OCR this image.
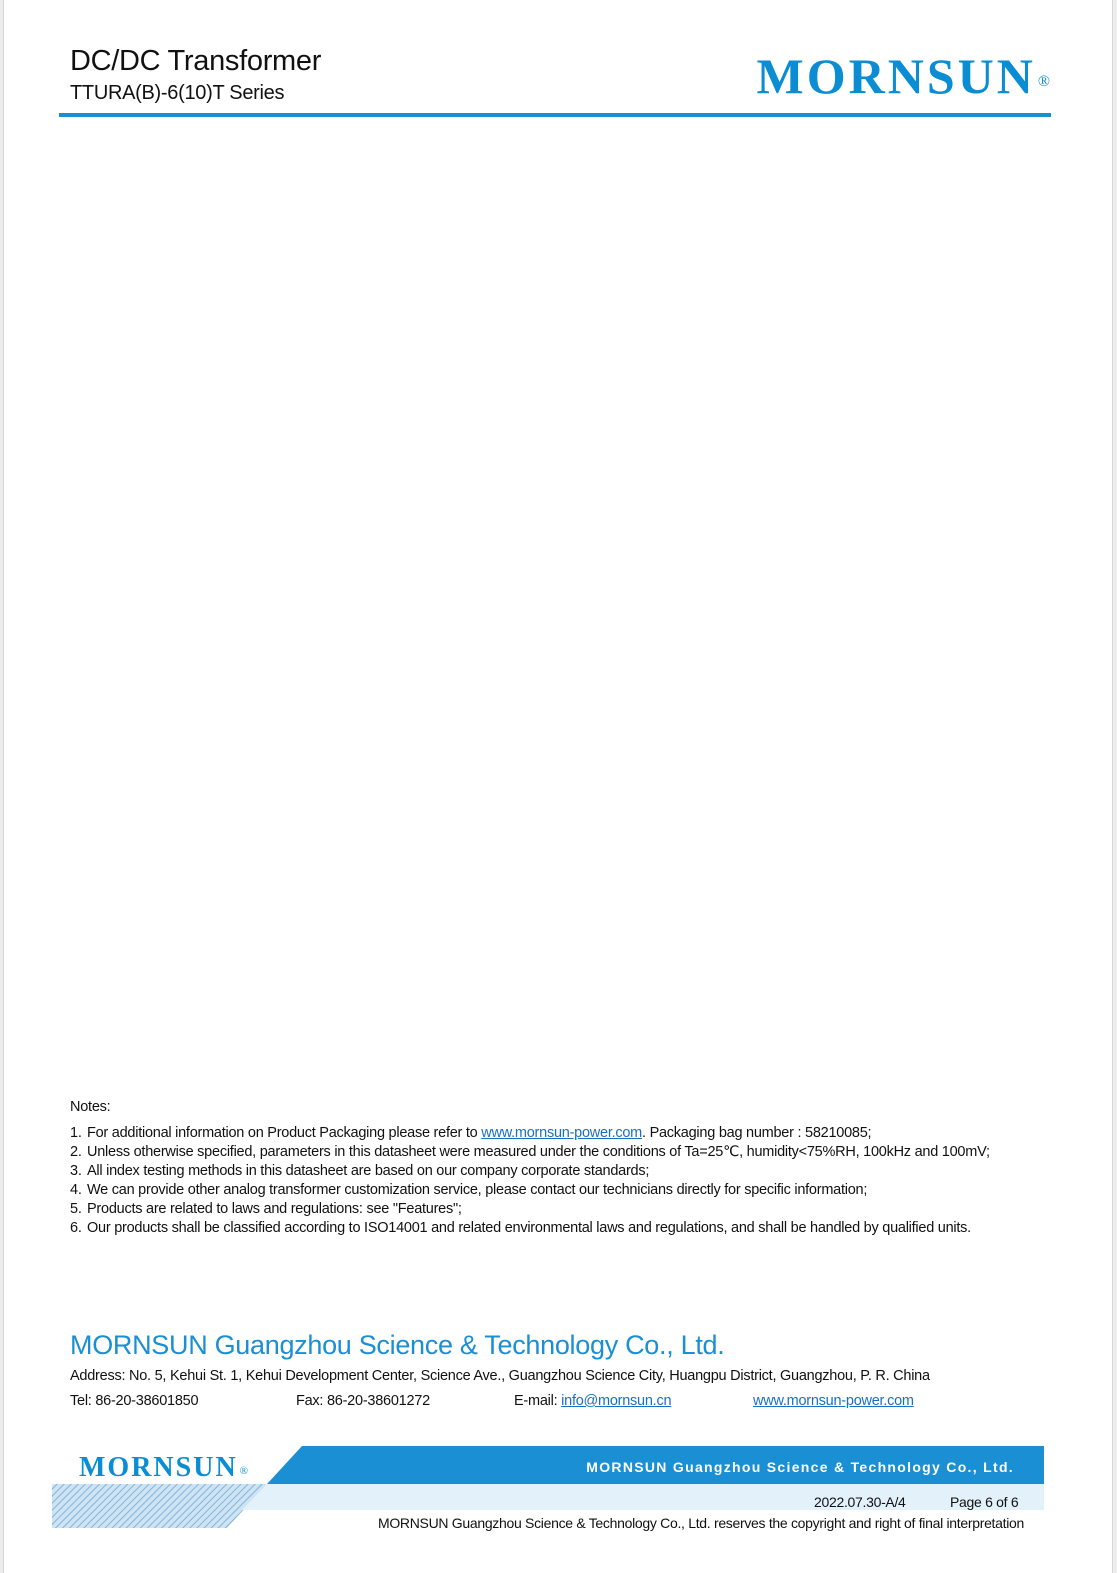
DC/DC Transformer
TTURA(B)-6(10)T Series	MORNSUN ®
Notes:
1. For additional information on Product Packaging please refer to www.mornsun-power.com. Packaging bag number : 58210085;
2. Unless otherwise specified, parameters in this datasheet were measured under the conditions of Ta=25℃, humidity<75%RH, 100kHz and 100mV;
3. All index testing methods in this datasheet are based on our company corporate standards;
4. We can provide other analog transformer customization service, please contact our technicians directly for specific information;
5. Products are related to laws and regulations: see "Features";
6. Our products shall be classified according to ISO14001 and related environmental laws and regulations, and shall be handled by qualified units.
MORNSUN Guangzhou Science & Technology Co., Ltd.
Address: No. 5, Kehui St. 1, Kehui Development Center, Science Ave., Guangzhou Science City, Huangpu District, Guangzhou, P. R. China
Tel: 86-20-38601850	Fax: 86-20-38601272	E-mail: info@mornsun.cn	www.mornsun-power.com
MORNSUN ®	MORNSUN Guangzhou Science & Technology Co., Ltd.
2022.07.30-A/4	Page 6 of 6
MORNSUN Guangzhou Science & Technology Co., Ltd. reserves the copyright and right of final interpretation
